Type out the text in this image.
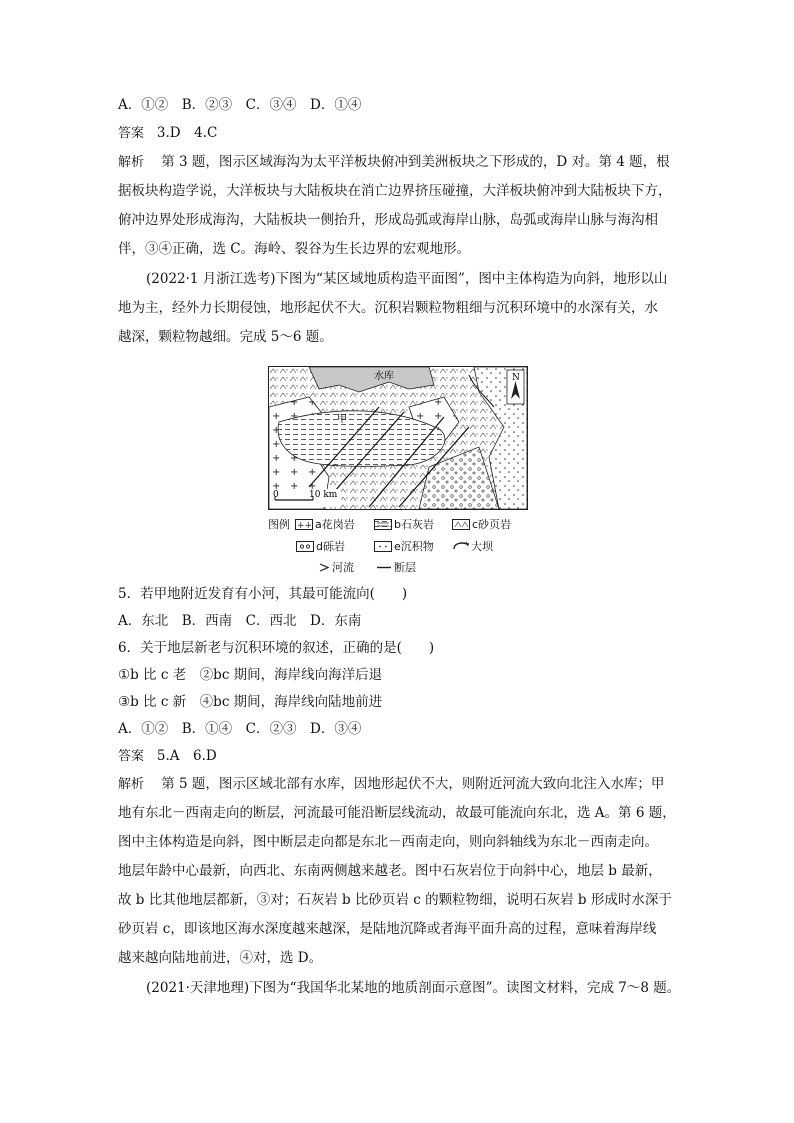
A．①②　B．②③　C．③④　D．①④
答案 3.D　4.C
解析 第 3 题，图示区域海沟为太平洋板块俯冲到美洲板块之下形成的，D 对。第 4 题，根
据板块构造学说，大洋板块与大陆板块在消亡边界挤压碰撞，大洋板块俯冲到大陆板块下方，
俯冲边界处形成海沟，大陆板块一侧抬升，形成岛弧或海岸山脉，岛弧或海岸山脉与海沟相
伴，③④正确，选 C。海岭、裂谷为生长边界的宏观地形。
(2022·1 月浙江选考)下图为“某区域地质构造平面图”，图中主体构造为向斜，地形以山
地为主，经外力长期侵蚀，地形起伏不大。沉积岩颗粒物粗细与沉积环境中的水深有关，水
越深，颗粒物越细。完成 5～6 题。
N
水库
甲
0	10 km
图例 ++ a花岗岩	b石灰岩	c砂页岩
d砾岩	e沉积物	大坝
河流	断层
5．若甲地附近发育有小河，其最可能流向(　　)
A．东北　B．西南　C．西北　D．东南
6．关于地层新老与沉积环境的叙述，正确的是(　　)
①b 比 c 老　②bc 期间，海岸线向海洋后退
③b 比 c 新　④bc 期间，海岸线向陆地前进
A．①②　B．①④　C．②③　D．③④
答案 5.A　6.D
解析 第 5 题，图示区域北部有水库，因地形起伏不大，则附近河流大致向北注入水库；甲
地有东北－西南走向的断层，河流最可能沿断层线流动，故最可能流向东北，选 A。第 6 题，
图中主体构造是向斜，图中断层走向都是东北－西南走向，则向斜轴线为东北－西南走向。
地层年龄中心最新，向西北、东南两侧越来越老。图中石灰岩位于向斜中心，地层 b 最新，
故 b 比其他地层都新，③对；石灰岩 b 比砂页岩 c 的颗粒物细，说明石灰岩 b 形成时水深于
砂页岩 c，即该地区海水深度越来越深，是陆地沉降或者海平面升高的过程，意味着海岸线
越来越向陆地前进，④对，选 D。
(2021·天津地理)下图为“我国华北某地的地质剖面示意图”。读图文材料，完成 7～8 题。
